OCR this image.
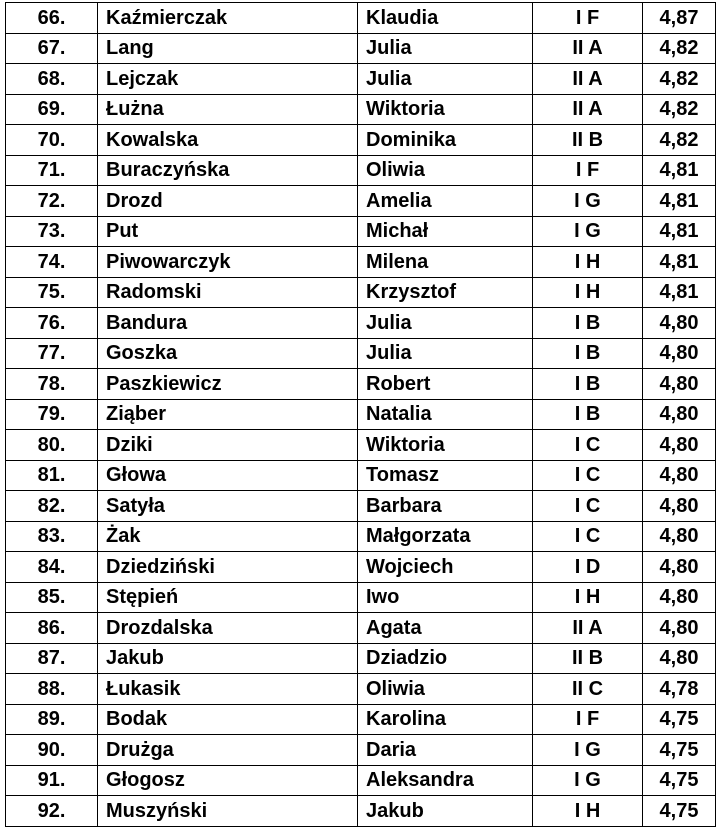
66.	Kaźmierczak	Klaudia	I F	4,87
67.	Lang	Julia	II A	4,82
68.	Lejczak	Julia	II A	4,82
69.	Łużna	Wiktoria	II A	4,82
70.	Kowalska	Dominika	II B	4,82
71.	Buraczyńska	Oliwia	I F	4,81
72.	Drozd	Amelia	I G	4,81
73.	Put	Michał	I G	4,81
74.	Piwowarczyk	Milena	I H	4,81
75.	Radomski	Krzysztof	I H	4,81
76.	Bandura	Julia	I B	4,80
77.	Goszka	Julia	I B	4,80
78.	Paszkiewicz	Robert	I B	4,80
79.	Ziąber	Natalia	I B	4,80
80.	Dziki	Wiktoria	I C	4,80
81.	Głowa	Tomasz	I C	4,80
82.	Satyła	Barbara	I C	4,80
83.	Żak	Małgorzata	I C	4,80
84.	Dziedziński	Wojciech	I D	4,80
85.	Stępień	Iwo	I H	4,80
86.	Drozdalska	Agata	II A	4,80
87.	Jakub	Dziadzio	II B	4,80
88.	Łukasik	Oliwia	II C	4,78
89.	Bodak	Karolina	I F	4,75
90.	Drużga	Daria	I G	4,75
91.	Głogosz	Aleksandra	I G	4,75
92.	Muszyński	Jakub	I H	4,75
